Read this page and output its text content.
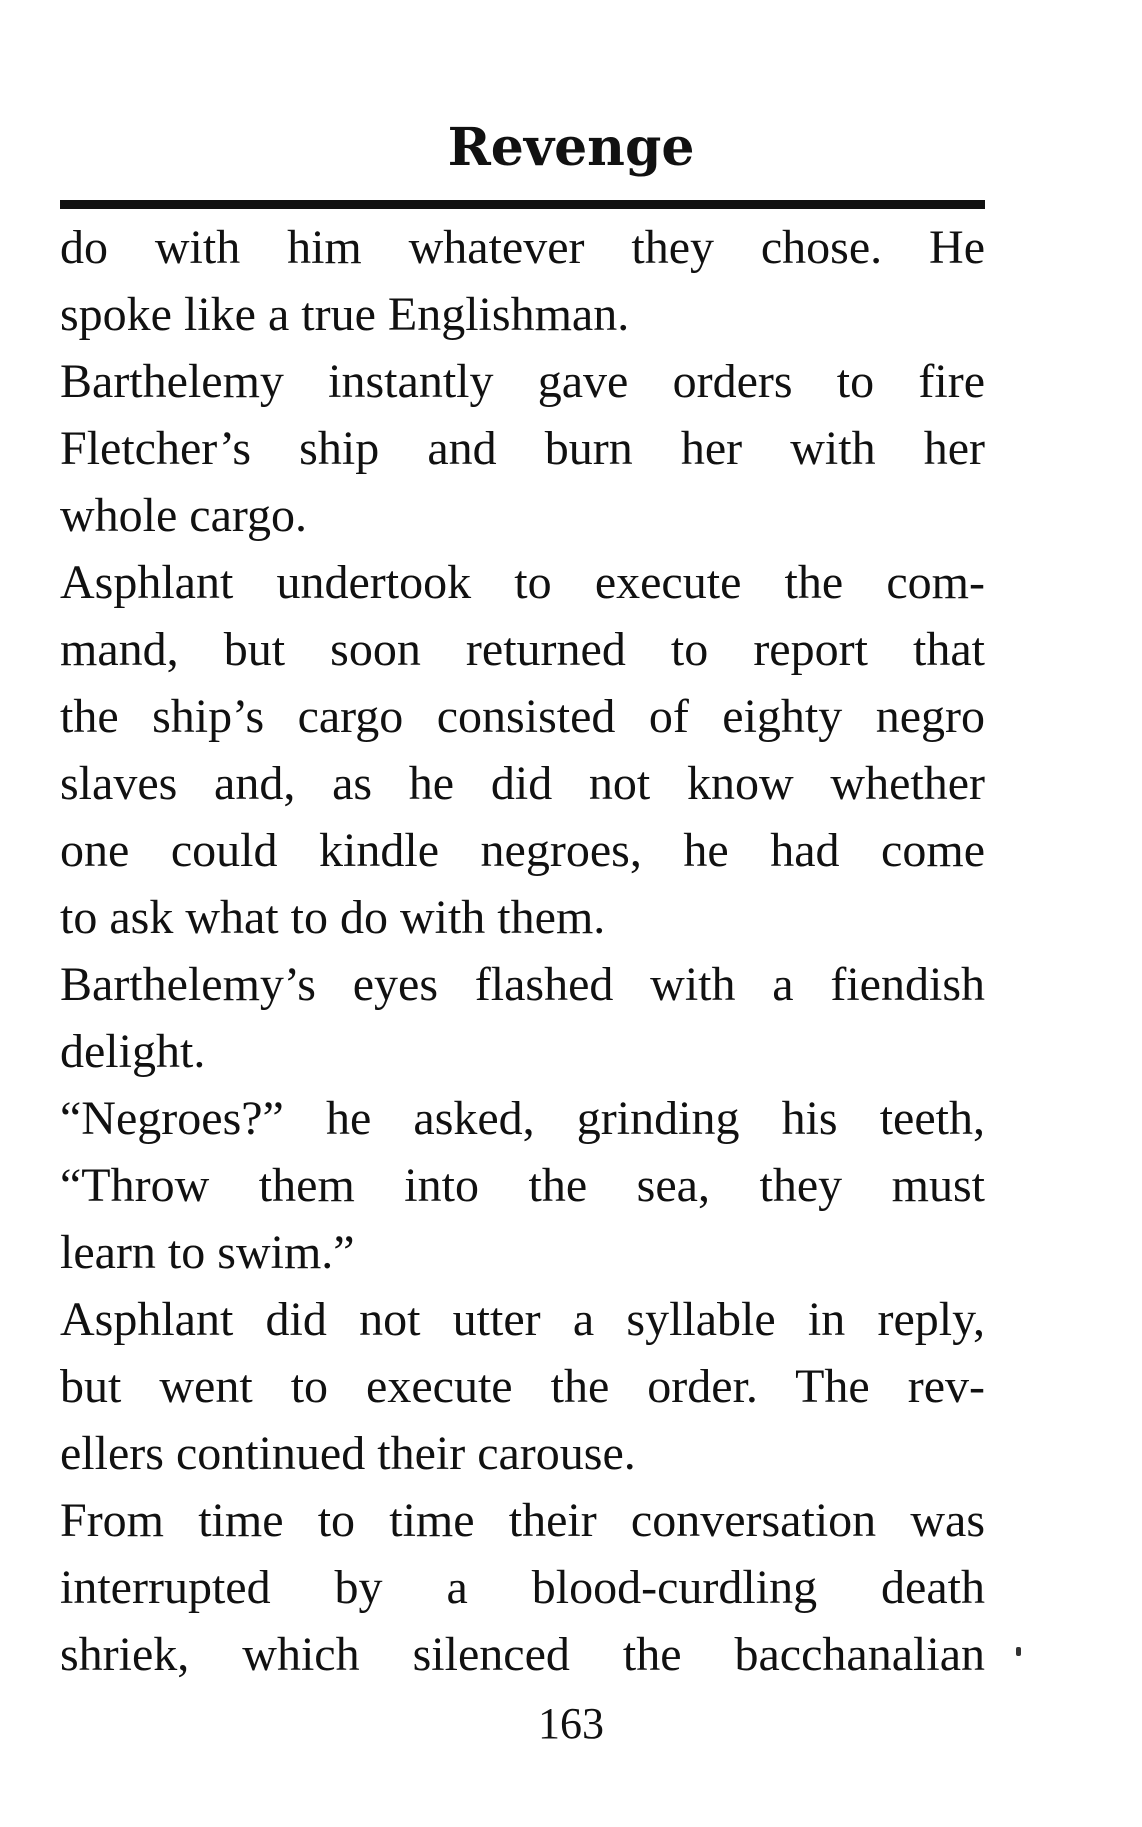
Revenge
do with him whatever they chose. He
spoke like a true Englishman.
Barthelemy instantly gave orders to fire
Fletcher’s ship and burn her with her
whole cargo.
Asphlant undertook to execute the com-
mand, but soon returned to report that
the ship’s cargo consisted of eighty negro
slaves and, as he did not know whether
one could kindle negroes, he had come
to ask what to do with them.
Barthelemy’s eyes flashed with a fiendish
delight.
“Negroes?” he asked, grinding his teeth,
“Throw them into the sea, they must
learn to swim.”
Asphlant did not utter a syllable in reply,
but went to execute the order. The rev-
ellers continued their carouse.
From time to time their conversation was
interrupted by a blood-curdling death
shriek, which silenced the bacchanalian
163
